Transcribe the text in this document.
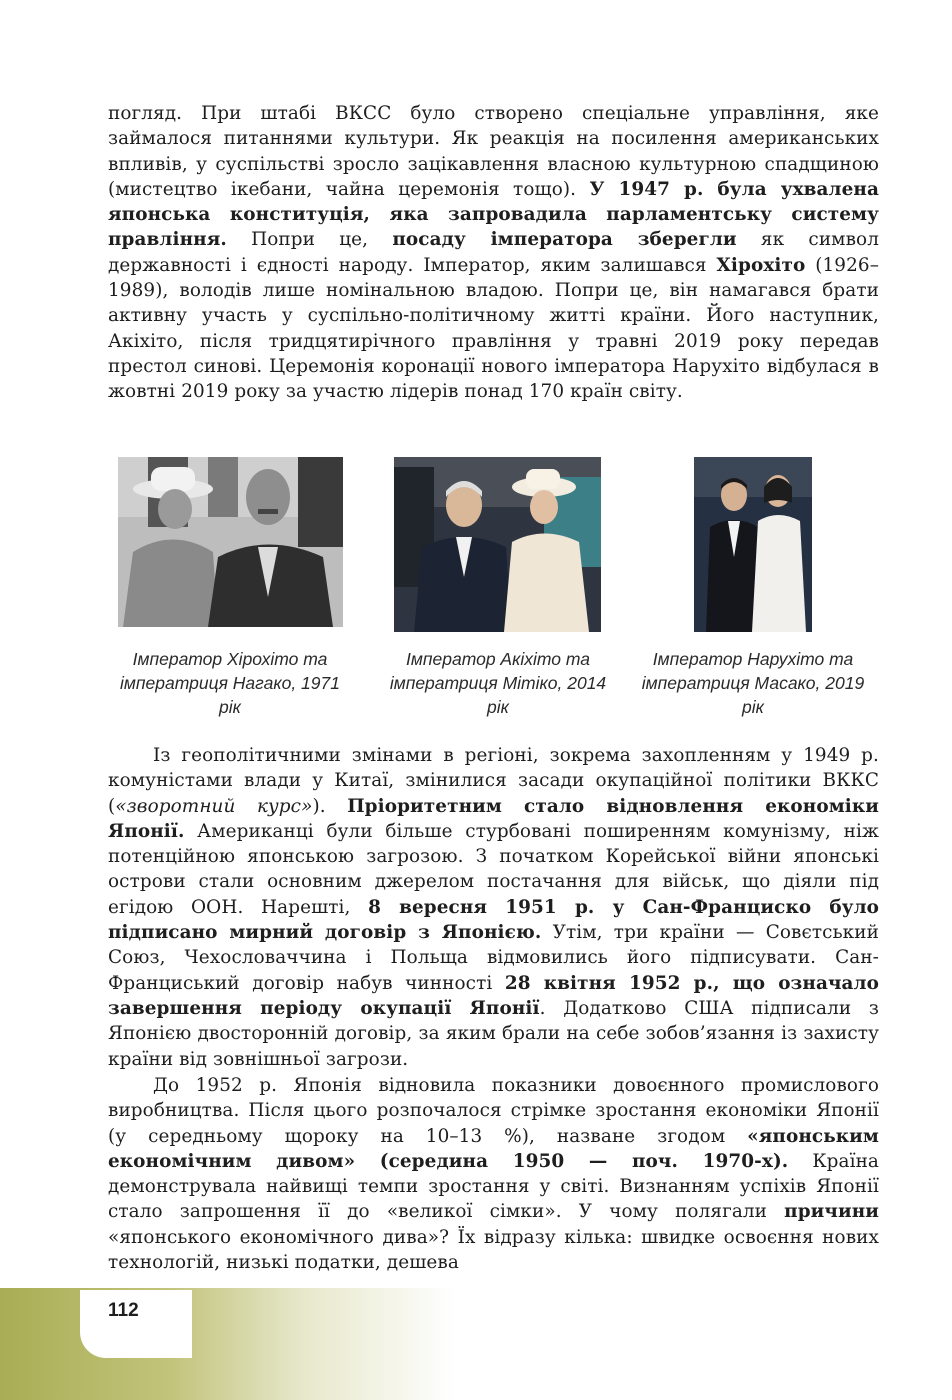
погляд. При штабі ВКСС було створено спеціальне управління, яке займалося питаннями культури. Як реакція на посилення американських впливів, у суспільстві зросло зацікавлення власною культурною спадщиною (мистецтво ікебани, чайна церемонія тощо). У 1947 р. була ухвалена японська конституція, яка запровадила парламентську систему правління. Попри це, посаду імператора зберегли як символ державності і єдності народу. Імператор, яким залишався Хірохіто (1926–1989), володів лише номінальною владою. Попри це, він намагався брати активну участь у суспільно-політичному житті країни. Його наступник, Акіхіто, після тридцятирічного правління у травні 2019 року передав престол синові. Церемонія коронації нового імператора Нарухіто відбулася в жовтні 2019 року за участю лідерів понад 170 країн світу.

Імператор Хірохіто та імператриця Нагако, 1971 рік
Імператор Акіхіто та імператриця Мітіко, 2014 рік
Імператор Нарухіто та імператриця Масако, 2019 рік

Із геополітичними змінами в регіоні, зокрема захопленням у 1949 р. комуністами влади у Китаї, змінилися засади окупаційної політики ВККС («зворотний курс»). Пріоритетним стало відновлення економіки Японії. Американці були більше стурбовані поширенням комунізму, ніж потенційною японською загрозою. З початком Корейської війни японські острови стали основним джерелом постачання для військ, що діяли під егідою ООН. Нарешті, 8 вересня 1951 р. у Сан-Франциско було підписано мирний договір з Японією. Утім, три країни — Совєтський Союз, Чехословаччина і Польща відмовились його підписувати. Сан-Франциський договір набув чинності 28 квітня 1952 р., що означало завершення періоду окупації Японії. Додатково США підписали з Японією двосторонній договір, за яким брали на себе зобов’язання із захисту країни від зовнішньої загрози.

До 1952 р. Японія відновила показники довоєнного промислового виробництва. Після цього розпочалося стрімке зростання економіки Японії (у середньому щороку на 10–13 %), назване згодом «японським економічним дивом» (середина 1950 — поч. 1970-х). Країна демонструвала найвищі темпи зростання у світі. Визнанням успіхів Японії стало запрошення її до «великої сімки». У чому полягали причини «японського економічного дива»? Їх відразу кілька: швидке освоєння нових технологій, низькі податки, дешева

112
